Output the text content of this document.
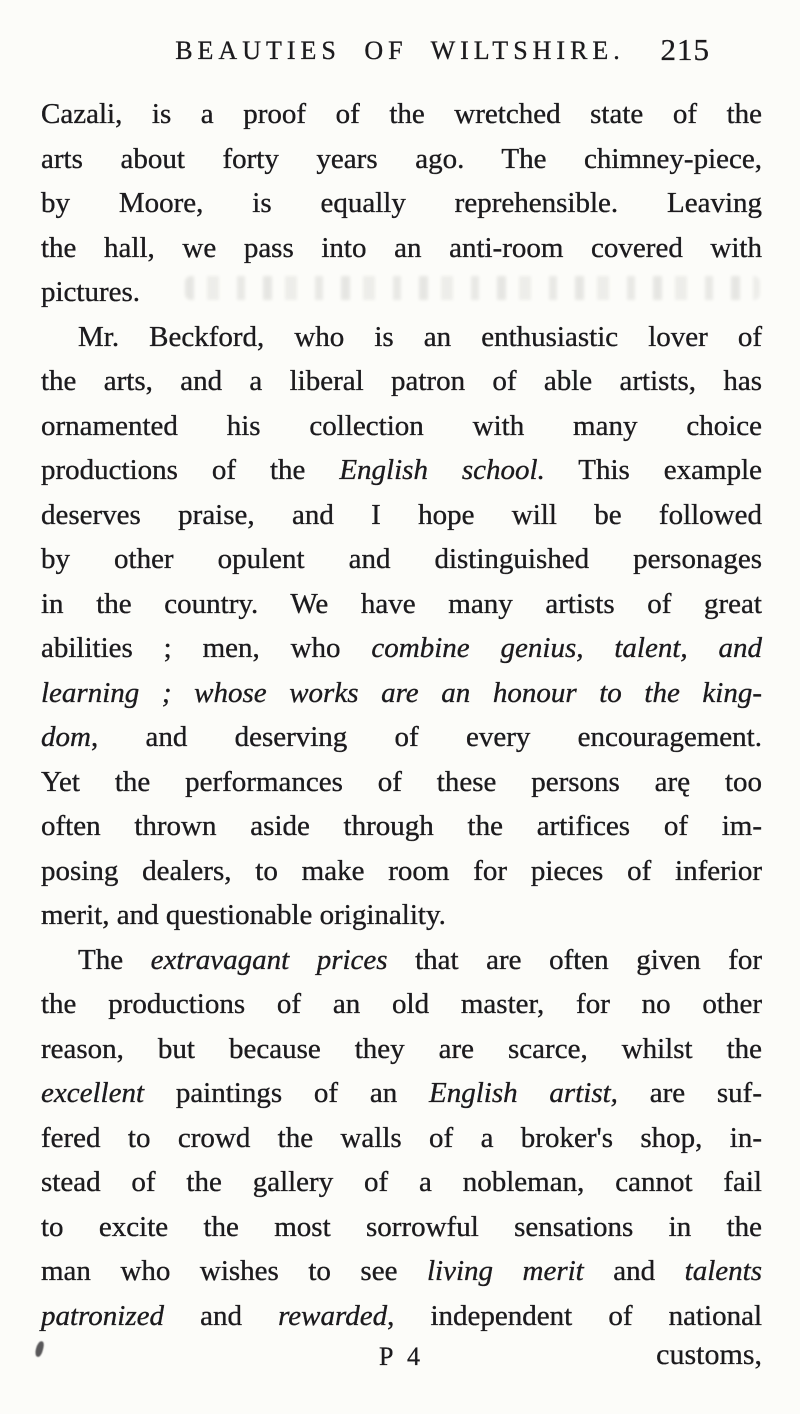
BEAUTIES OF WILTSHIRE.	215
Cazali, is a proof of the wretched state of the
arts about forty years ago. The chimney-piece,
by Moore, is equally reprehensible. Leaving
the hall, we pass into an anti-room covered with
pictures.
Mr. Beckford, who is an enthusiastic lover of
the arts, and a liberal patron of able artists, has
ornamented his collection with many choice
productions of the English school. This example
deserves praise, and I hope will be followed
by other opulent and distinguished personages
in the country. We have many artists of great
abilities ; men, who combine genius, talent, and
learning ; whose works are an honour to the king-
dom, and deserving of every encouragement.
Yet the performances of these persons arę too
often thrown aside through the artifices of im-
posing dealers, to make room for pieces of inferior
merit, and questionable originality.
The extravagant prices that are often given for
the productions of an old master, for no other
reason, but because they are scarce, whilst the
excellent paintings of an English artist, are suf-
fered to crowd the walls of a broker's shop, in-
stead of the gallery of a nobleman, cannot fail
to excite the most sorrowful sensations in the
man who wishes to see living merit and talents
patronized and rewarded, independent of national
P 4	customs,
